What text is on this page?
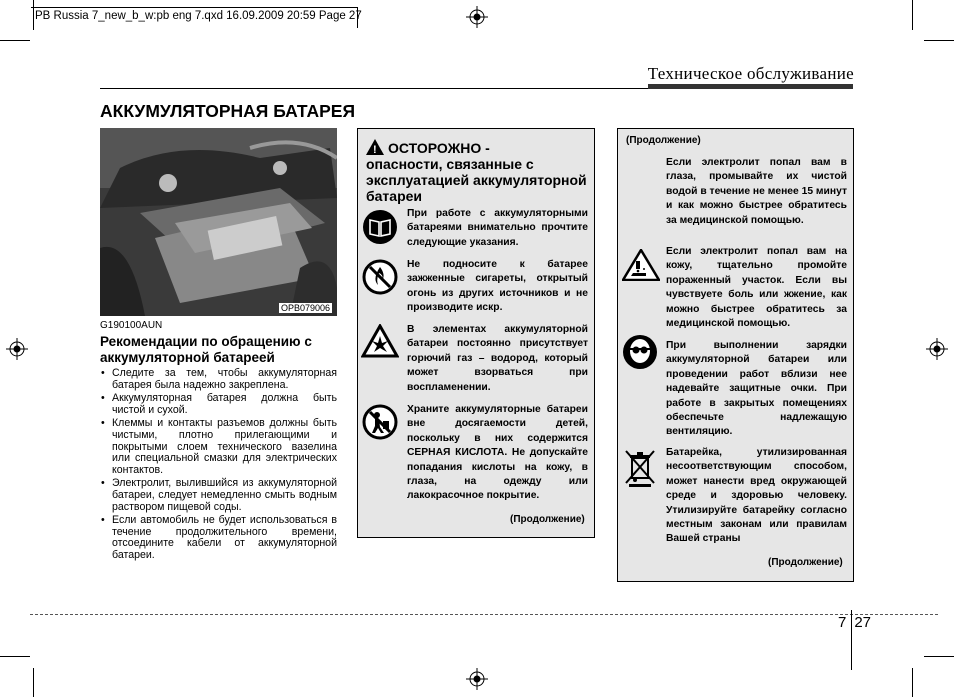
PB Russia 7_new_b_w:pb eng 7.qxd 16.09.2009 20:59 Page 27
Техническое обслуживание
АККУМУЛЯТОРНАЯ БАТАРЕЯ
OPB079006
G190100AUN
Рекомендации по обращению с аккумуляторной батареей
• Следите за тем, чтобы аккумуляторная батарея была надежно закреплена.
• Аккумуляторная батарея должна быть чистой и сухой.
• Клеммы и контакты разъемов должны быть чистыми, плотно прилегающими и покрытыми слоем технического вазелина или специальной смазки для электрических контактов.
• Электролит, вылившийся из аккумуляторной батареи, следует немедленно смыть водным раствором пищевой соды.
• Если автомобиль не будет использоваться в течение продолжительного времени, отсоедините кабели от аккумуляторной батареи.
!ОСТОРОЖНО -
опасности, связанные с эксплуатацией аккумуляторной батареи
При работе с аккумуляторными батареями внимательно прочтите следующие указания.
Не подносите к батарее зажженные сигареты, открытый огонь из других источников и не производите искр.
В элементах аккумуляторной батареи постоянно присутствует горючий газ – водород, который может взорваться при воспламенении.
Храните аккумуляторные батареи вне досягаемости детей, поскольку в них содержится СЕРНАЯ КИСЛОТА. Не допускайте попадания кислоты на кожу, в глаза, на одежду или лакокрасочное покрытие.
(Продолжение)
(Продолжение)
Если электролит попал вам в глаза, промывайте их чистой водой в течение не менее 15 минут и как можно быстрее обратитесь за медицинской помощью.
Если электролит попал вам на кожу, тщательно промойте пораженный участок. Если вы чувствуете боль или жжение, как можно быстрее обратитесь за медицинской помощью.
При выполнении зарядки аккумуляторной батареи или проведении работ вблизи нее надевайте защитные очки. При работе в закрытых помещениях обеспечьте надлежащую вентиляцию.
Батарейка, утилизированная несоответствующим способом, может нанести вред окружающей среде и здоровью человеку. Утилизируйте батарейку согласно местным законам или правилам Вашей страны
(Продолжение)
7 27
